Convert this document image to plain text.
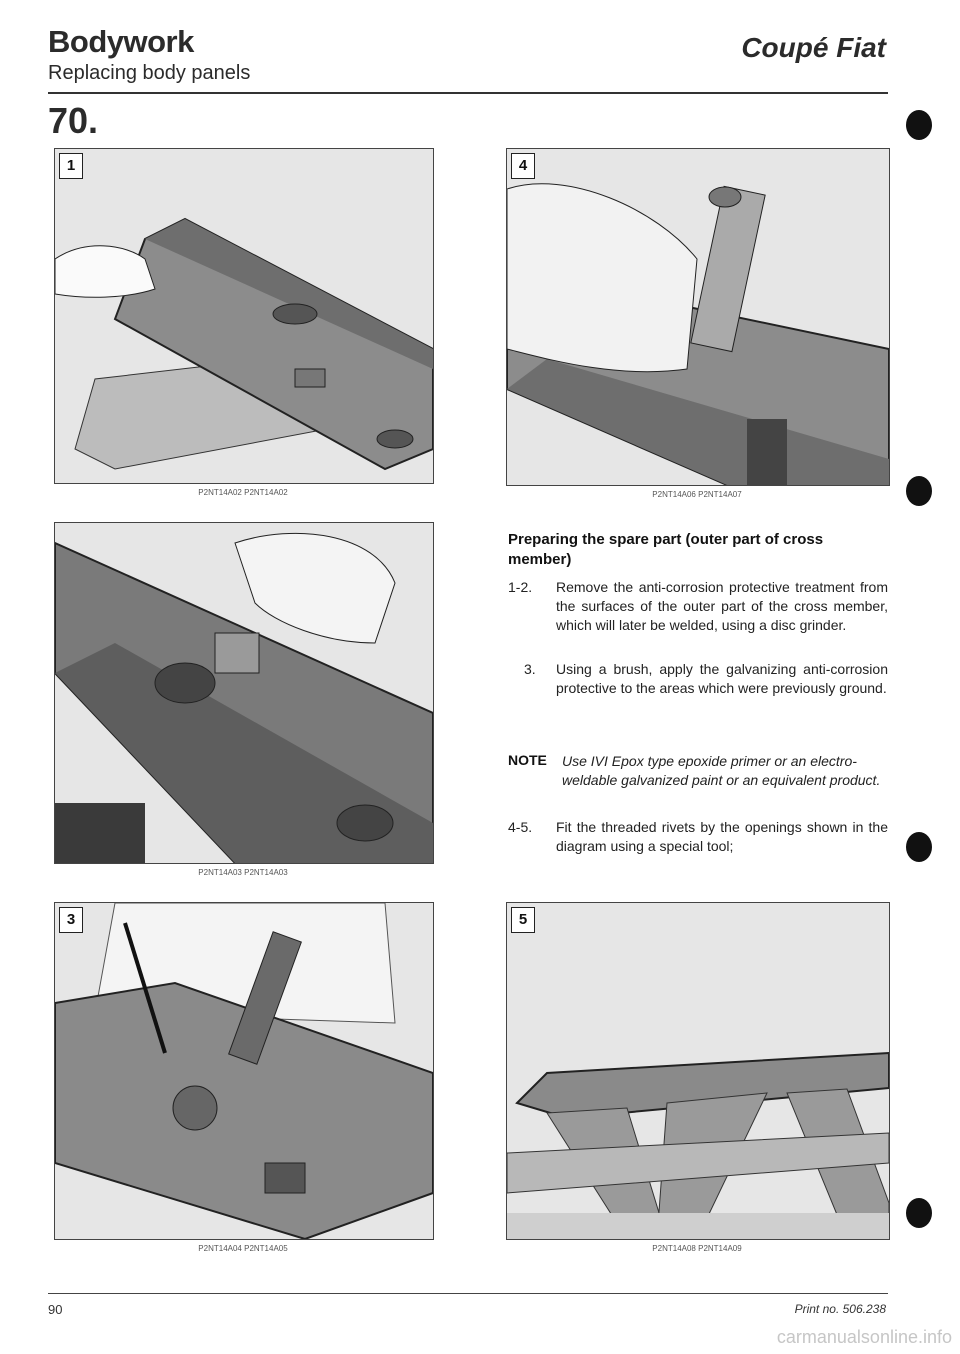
Bodywork
Replacing body panels
Coupé Fiat
70.
1
P2NT14A02 P2NT14A02
P2NT14A03 P2NT14A03
3
P2NT14A04 P2NT14A05
4
P2NT14A06 P2NT14A07
Preparing the spare part (outer part of cross member)
1-2. Remove the anti-corrosion protective treatment from the surfaces of the outer part of the cross member, which will later be welded, using a disc grinder.
3. Using a brush, apply the galvanizing anti-corrosion protective to the areas which were previously ground.
NOTE Use IVI Epox type epoxide primer or an electro-weldable galvanized paint or an equivalent product.
4-5. Fit the threaded rivets by the openings shown in the diagram using a special tool;
5
P2NT14A08 P2NT14A09
90	Print no. 506.238
carmanualsonline.info
